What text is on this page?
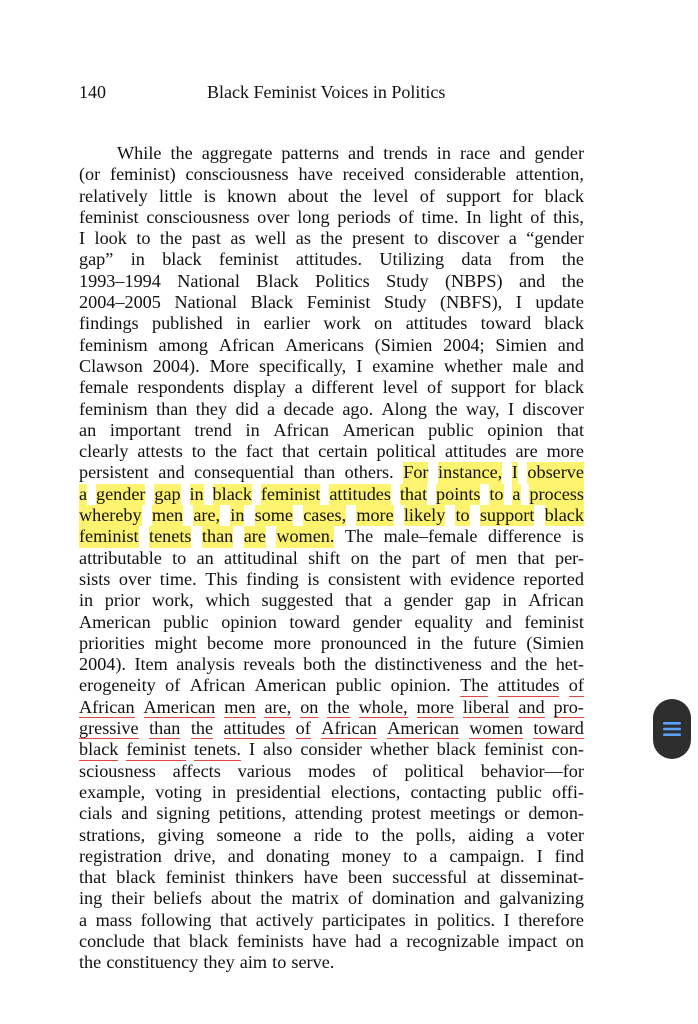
140	Black Feminist Voices in Politics
While the aggregate patterns and trends in race and gender
(or feminist) consciousness have received considerable attention,
relatively little is known about the level of support for black
feminist consciousness over long periods of time. In light of this,
I look to the past as well as the present to discover a “gender
gap” in black feminist attitudes. Utilizing data from the
1993–1994 National Black Politics Study (NBPS) and the
2004–2005 National Black Feminist Study (NBFS), I update
findings published in earlier work on attitudes toward black
feminism among African Americans (Simien 2004; Simien and
Clawson 2004). More specifically, I examine whether male and
female respondents display a different level of support for black
feminism than they did a decade ago. Along the way, I discover
an important trend in African American public opinion that
clearly attests to the fact that certain political attitudes are more
persistent and consequential than others. For instance, I observe
a gender gap in black feminist attitudes that points to a process
whereby men are, in some cases, more likely to support black
feminist tenets than are women. The male–female difference is
attributable to an attitudinal shift on the part of men that per-
sists over time. This finding is consistent with evidence reported
in prior work, which suggested that a gender gap in African
American public opinion toward gender equality and feminist
priorities might become more pronounced in the future (Simien
2004). Item analysis reveals both the distinctiveness and the het-
erogeneity of African American public opinion. The attitudes of
African American men are, on the whole, more liberal and pro-
gressive than the attitudes of African American women toward
black feminist tenets. I also consider whether black feminist con-
sciousness affects various modes of political behavior—for
example, voting in presidential elections, contacting public offi-
cials and signing petitions, attending protest meetings or demon-
strations, giving someone a ride to the polls, aiding a voter
registration drive, and donating money to a campaign. I find
that black feminist thinkers have been successful at disseminat-
ing their beliefs about the matrix of domination and galvanizing
a mass following that actively participates in politics. I therefore
conclude that black feminists have had a recognizable impact on
the constituency they aim to serve.
